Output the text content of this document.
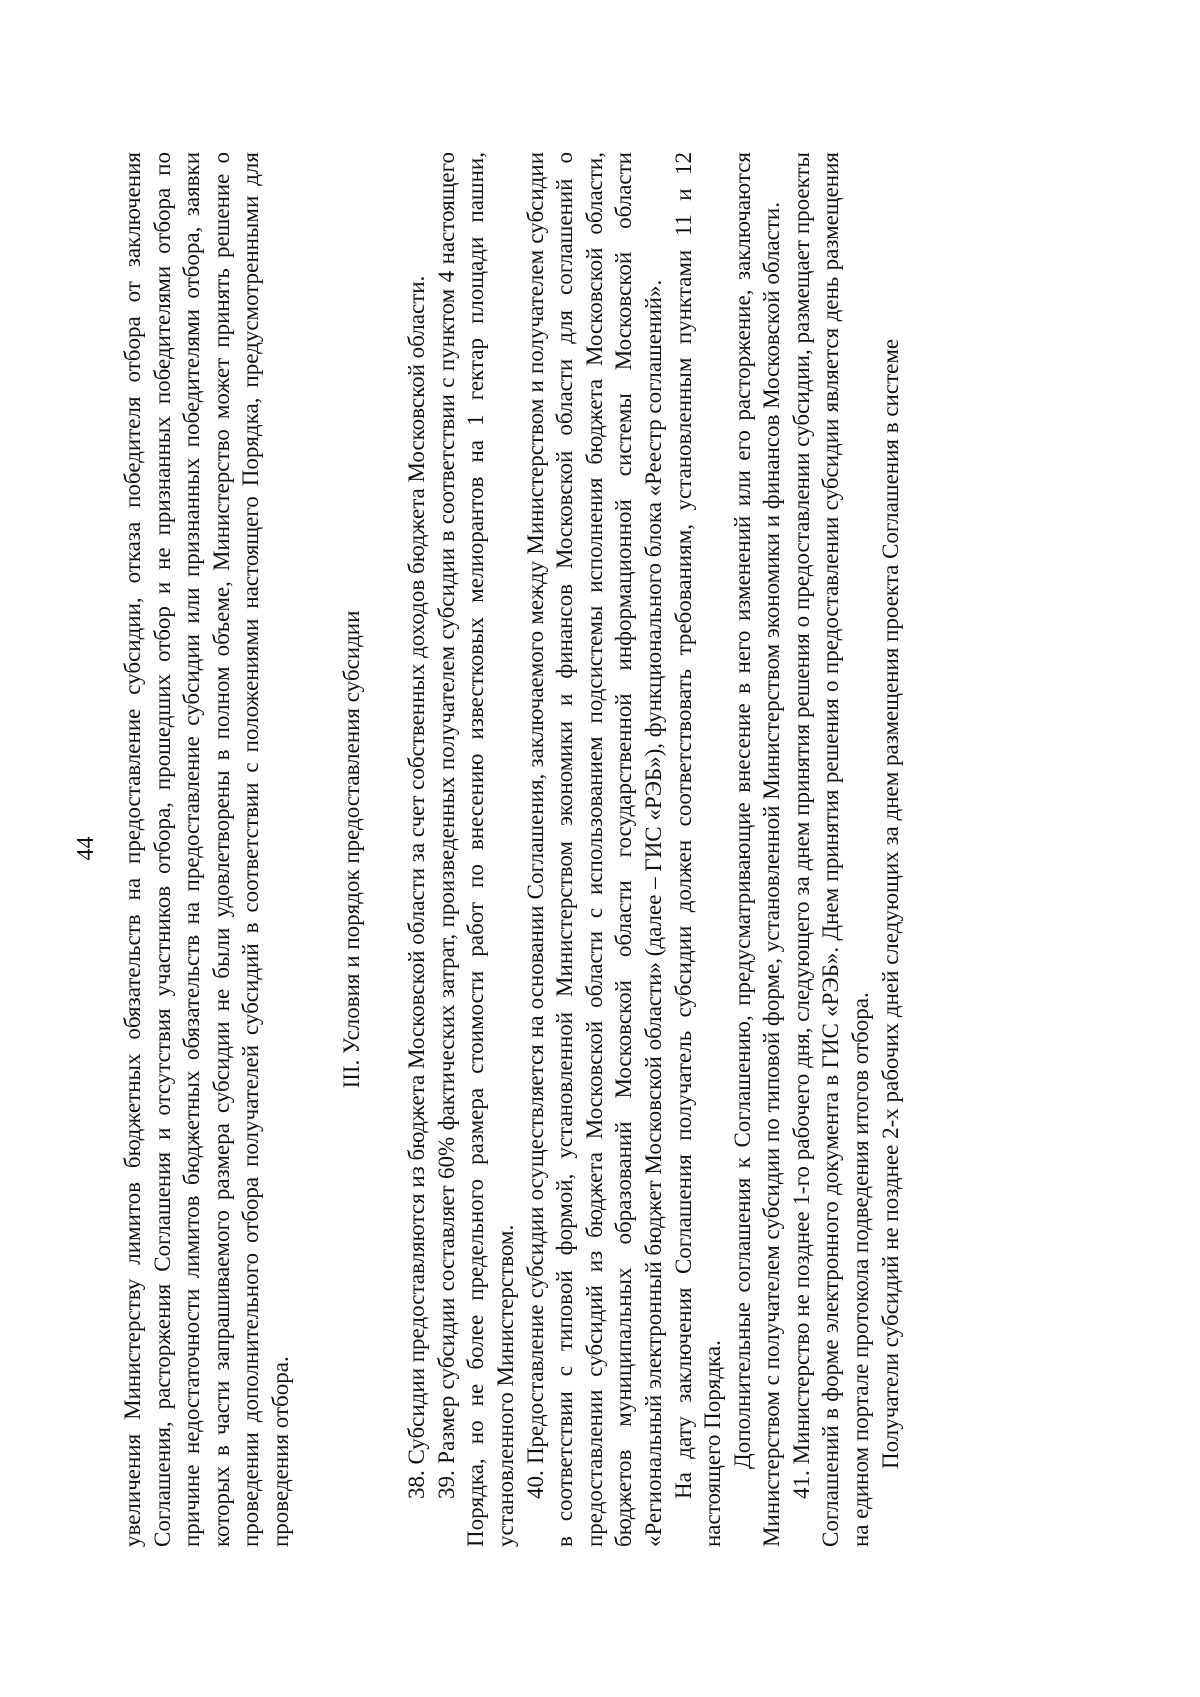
44 увеличения Министерству лимитов бюджетных обязательств на предоставление субсидии, отказа победителя отбора от заключения Соглашения, расторжения Соглашения и отсутствия участников отбора, прошедших отбор и не признанных победителями отбора по причине недостаточности лимитов бюджетных обязательств на предоставление субсидии или признанных победителями отбора, заявки которых в части запрашиваемого размера субсидии не были удовлетворены в полном объеме, Министерство может принять решение о проведении дополнительного отбора получателей субсидий в соответствии с положениями настоящего Порядка, предусмотренными для проведения отбора.

III. Условия и порядок предоставления субсидии 38. Субсидии предоставляются из бюджета Московской области за счет собственных доходов бюджета Московской области. 39. Размер субсидии составляет 60% фактических затрат, произведенных получателем субсидии в соответствии с пунктом 4 настоящего Порядка, но не более предельного размера стоимости работ по внесению известковых мелиорантов на 1 гектар площади пашни, установленного Министерством. 40. Предоставление субсидии осуществляется на основании Соглашения, заключаемого между Министерством и получателем субсидии в соответствии с типовой формой, установленной Министерством экономики и финансов Московской области для соглашений о предоставлении субсидий из бюджета Московской области с использованием подсистемы исполнения бюджета Московской области, бюджетов муниципальных образований Московской области государственной информационной системы Московской области «Региональный электронный бюджет Московской области» (далее – ГИС «РЭБ»), функционального блока «Реестр соглашений». На дату заключения Соглашения получатель субсидии должен соответствовать требованиям, установленным пунктами 11 и 12 настоящего Порядка. Дополнительные соглашения к Соглашению, предусматривающие внесение в него изменений или его расторжение, заключаются Министерством с получателем субсидии по типовой форме, установленной Министерством экономики и финансов Московской области. 41. Министерство не позднее 1-го рабочего дня, следующего за днем принятия решения о предоставлении субсидии, размещает проекты Соглашений в форме электронного документа в ГИС «РЭБ». Днем принятия решения о предоставлении субсидии является день размещения на едином портале протокола подведения итогов отбора. Получатели субсидий не позднее 2-х рабочих дней следующих за днем размещения проекта Соглашения в системе
